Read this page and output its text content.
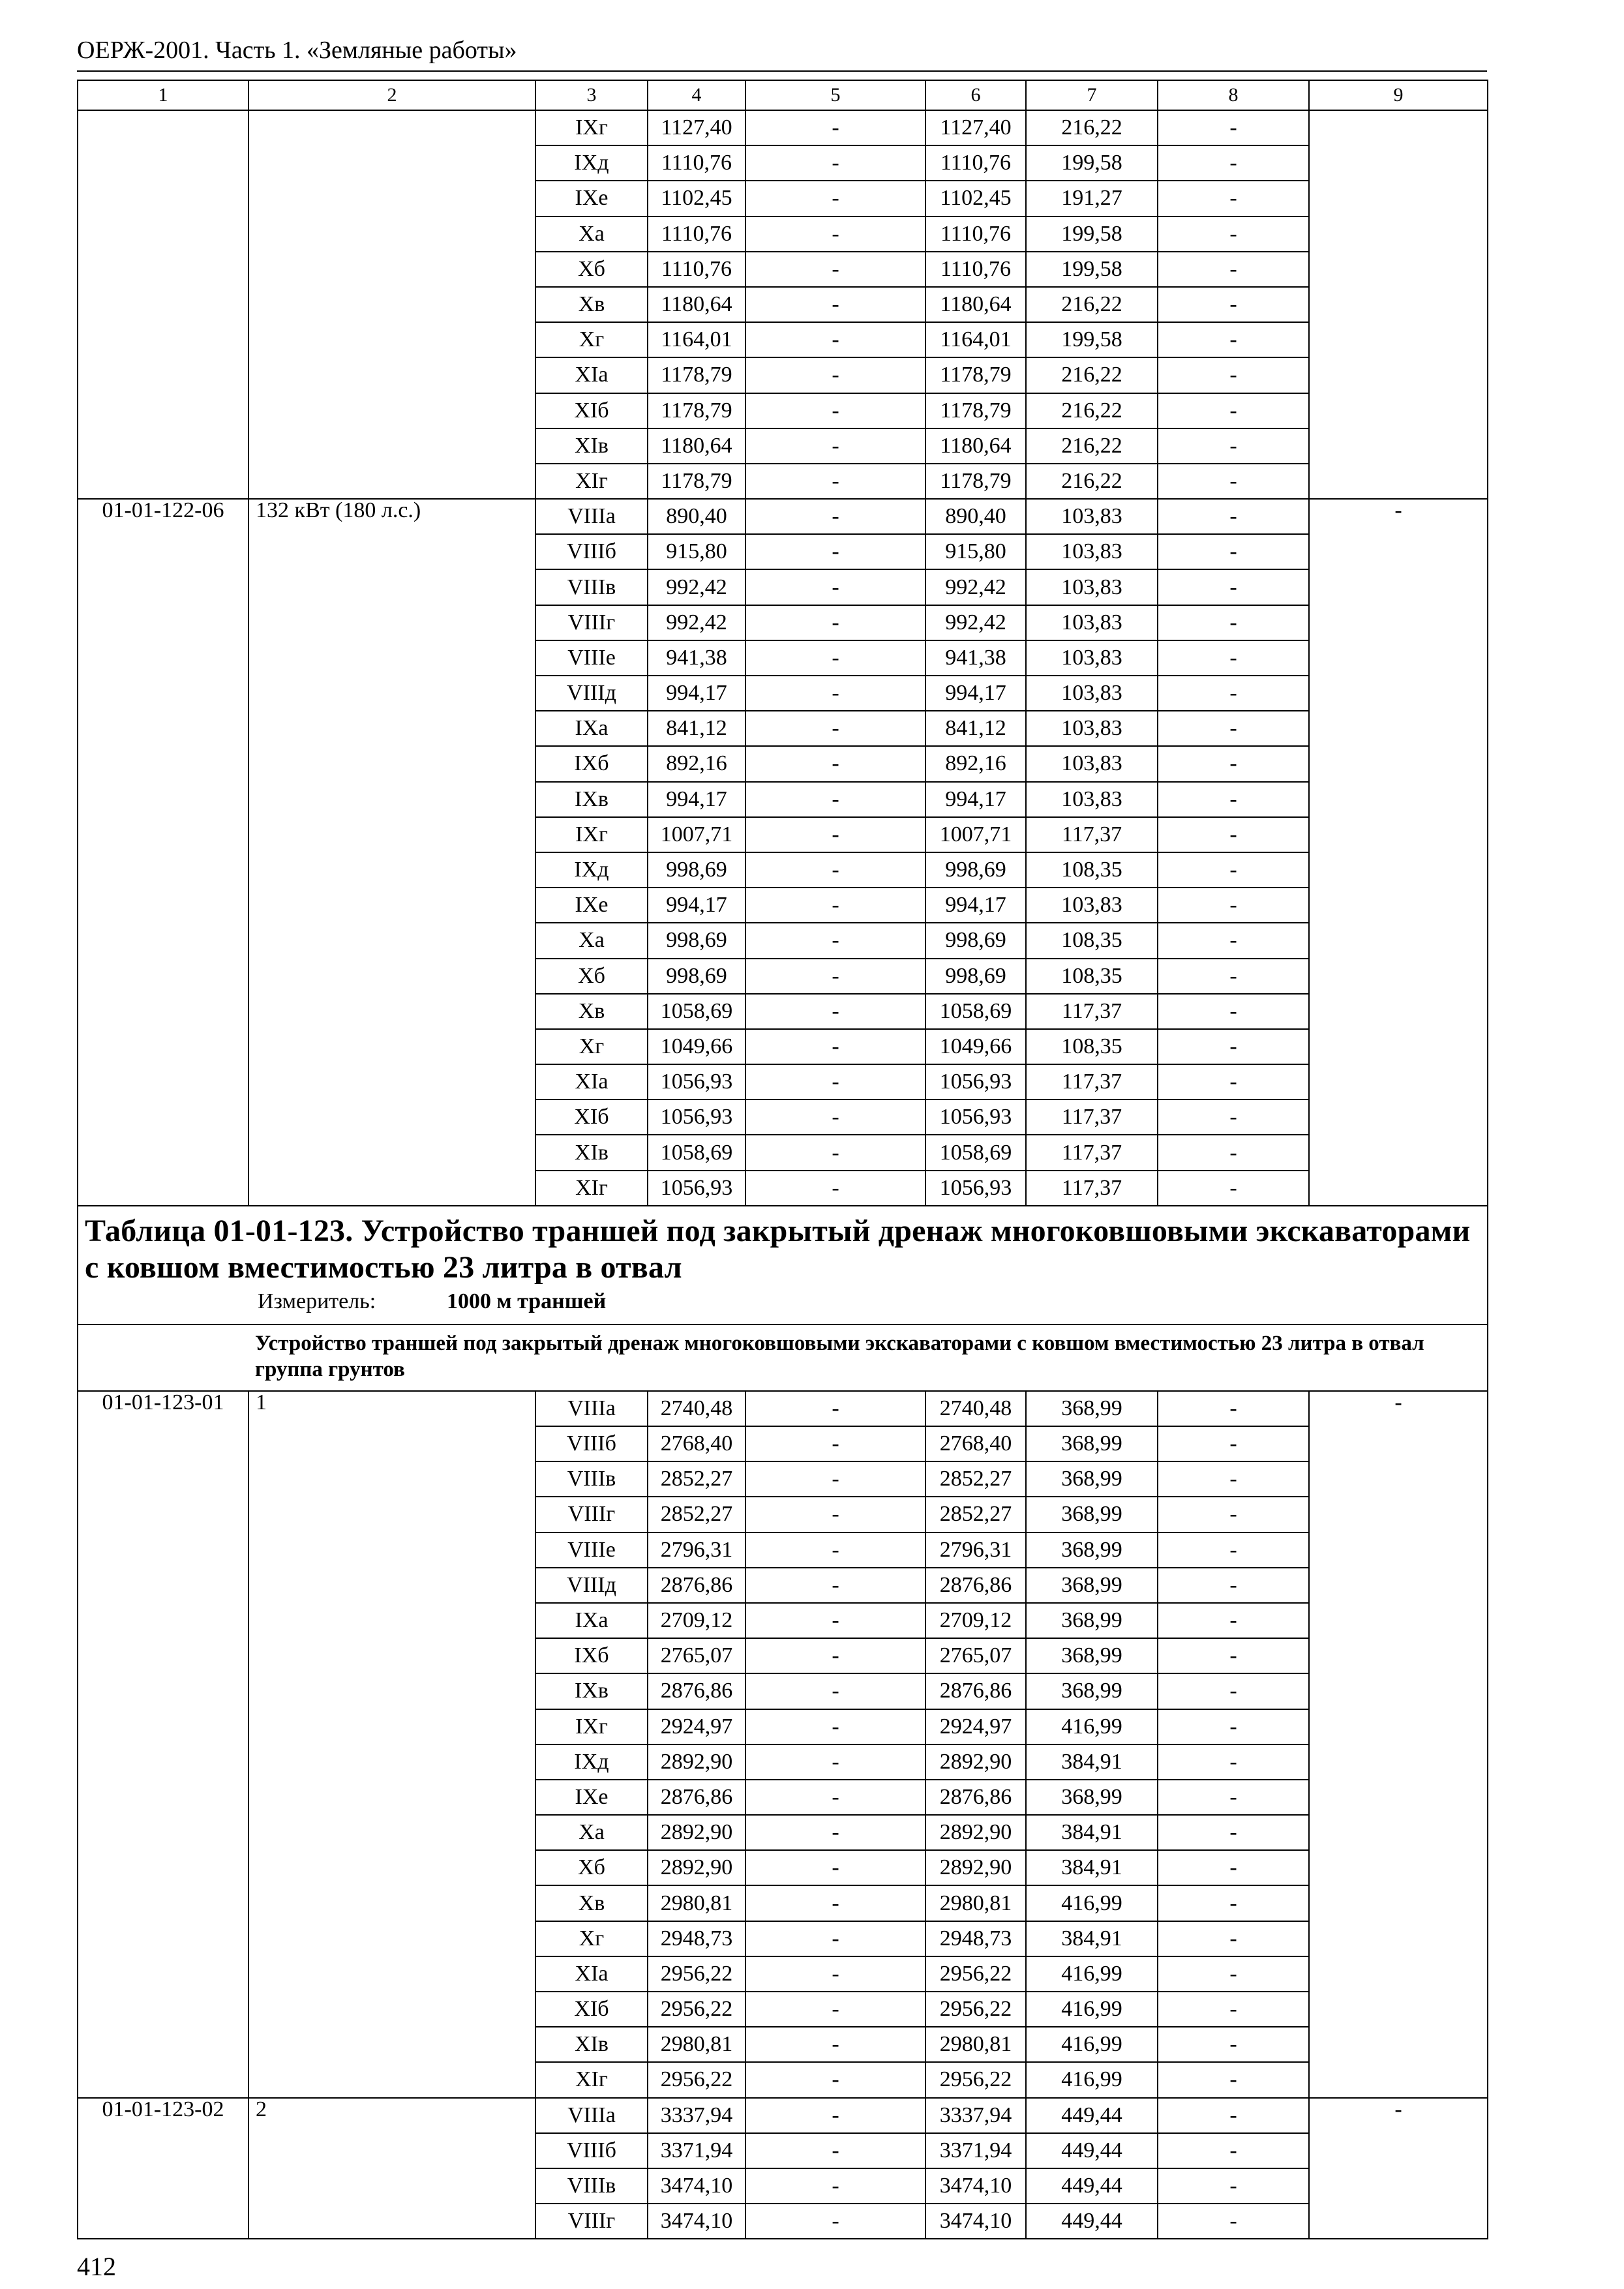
ОЕРЖ-2001. Часть 1. «Земляные работы»
1	2	3	4	5	6	7	8	9
		IXг	1127,40	-	1127,40	216,22	-	
		IXд	1110,76	-	1110,76	199,58	-	
		IXе	1102,45	-	1102,45	191,27	-	
		Xа	1110,76	-	1110,76	199,58	-	
		Xб	1110,76	-	1110,76	199,58	-	
		Xв	1180,64	-	1180,64	216,22	-	
		Xг	1164,01	-	1164,01	199,58	-	
		XIа	1178,79	-	1178,79	216,22	-	
		XIб	1178,79	-	1178,79	216,22	-	
		XIв	1180,64	-	1180,64	216,22	-	
		XIг	1178,79	-	1178,79	216,22	-	
01-01-122-06	132 кВт (180 л.с.)	VIIIа	890,40	-	890,40	103,83	-	-
		VIIIб	915,80	-	915,80	103,83	-	
		VIIIв	992,42	-	992,42	103,83	-	
		VIIIг	992,42	-	992,42	103,83	-	
		VIIIе	941,38	-	941,38	103,83	-	
		VIIIд	994,17	-	994,17	103,83	-	
		IXа	841,12	-	841,12	103,83	-	
		IXб	892,16	-	892,16	103,83	-	
		IXв	994,17	-	994,17	103,83	-	
		IXг	1007,71	-	1007,71	117,37	-	
		IXд	998,69	-	998,69	108,35	-	
		IXе	994,17	-	994,17	103,83	-	
		Xа	998,69	-	998,69	108,35	-	
		Xб	998,69	-	998,69	108,35	-	
		Xв	1058,69	-	1058,69	117,37	-	
		Xг	1049,66	-	1049,66	108,35	-	
		XIа	1056,93	-	1056,93	117,37	-	
		XIб	1056,93	-	1056,93	117,37	-	
		XIв	1058,69	-	1058,69	117,37	-	
		XIг	1056,93	-	1056,93	117,37	-	

Таблица 01-01-123. Устройство траншей под закрытый дренаж многоковшовыми экскаваторами с ковшом вместимостью 23 литра в отвал
Измеритель: 1000 м траншей								

	Устройство траншей под закрытый дренаж многоковшовыми экскаваторами с ковшом вместимостью 23 литра в отвал группа грунтов							
01-01-123-01	1	VIIIа	2740,48	-	2740,48	368,99	-	-
		VIIIб	2768,40	-	2768,40	368,99	-	
		VIIIв	2852,27	-	2852,27	368,99	-	
		VIIIг	2852,27	-	2852,27	368,99	-	
		VIIIе	2796,31	-	2796,31	368,99	-	
		VIIIд	2876,86	-	2876,86	368,99	-	
		IXа	2709,12	-	2709,12	368,99	-	
		IXб	2765,07	-	2765,07	368,99	-	
		IXв	2876,86	-	2876,86	368,99	-	
		IXг	2924,97	-	2924,97	416,99	-	
		IXд	2892,90	-	2892,90	384,91	-	
		IXе	2876,86	-	2876,86	368,99	-	
		Xа	2892,90	-	2892,90	384,91	-	
		Xб	2892,90	-	2892,90	384,91	-	
		Xв	2980,81	-	2980,81	416,99	-	
		Xг	2948,73	-	2948,73	384,91	-	
		XIа	2956,22	-	2956,22	416,99	-	
		XIб	2956,22	-	2956,22	416,99	-	
		XIв	2980,81	-	2980,81	416,99	-	
		XIг	2956,22	-	2956,22	416,99	-	
01-01-123-02	2	VIIIа	3337,94	-	3337,94	449,44	-	-
		VIIIб	3371,94	-	3371,94	449,44	-	
		VIIIв	3474,10	-	3474,10	449,44	-	
		VIIIг	3474,10	-	3474,10	449,44	-	
412
